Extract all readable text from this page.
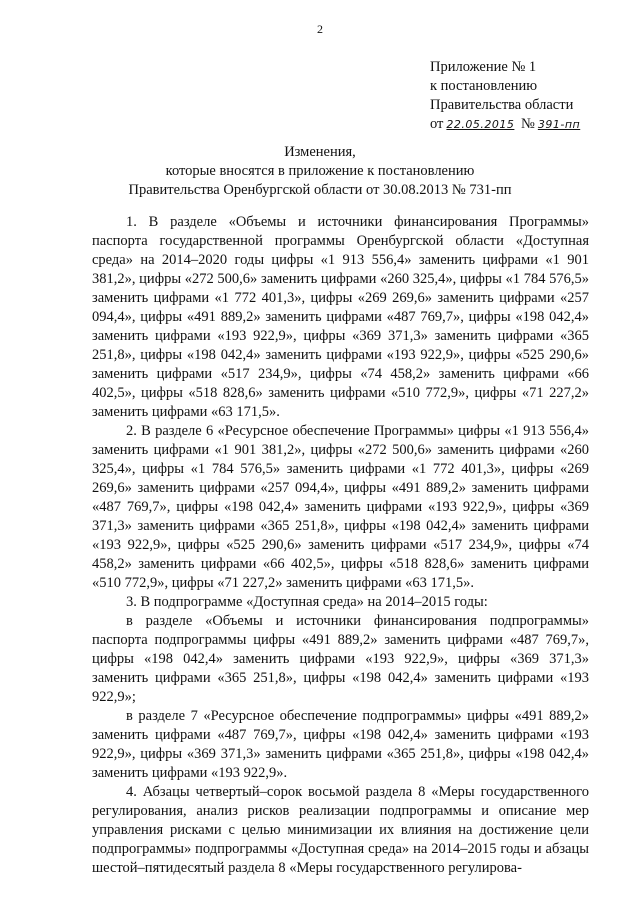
2
Приложение № 1
к постановлению
Правительства области
от 22.05.2015 № 391-пп
Изменения,
которые вносятся в приложение к постановлению
Правительства Оренбургской области от 30.08.2013 № 731-пп

1. В разделе «Объемы и источники финансирования Программы» паспорта государственной программы Оренбургской области «Доступная среда» на 2014–2020 годы цифры «1 913 556,4» заменить цифрами «1 901 381,2», цифры «272 500,6» заменить цифрами «260 325,4», цифры «1 784 576,5» заменить цифрами «1 772 401,3», цифры «269 269,6» заменить цифрами «257 094,4», цифры «491 889,2» заменить цифрами «487 769,7», цифры «198 042,4» заменить цифрами «193 922,9», цифры «369 371,3» заменить цифрами «365 251,8», цифры «198 042,4» заменить цифрами «193 922,9», цифры «525 290,6» заменить цифрами «517 234,9», цифры «74 458,2» заменить цифрами «66 402,5», цифры «518 828,6» заменить цифрами «510 772,9», цифры «71 227,2» заменить цифрами «63 171,5».

2. В разделе 6 «Ресурсное обеспечение Программы» цифры «1 913 556,4» заменить цифрами «1 901 381,2», цифры «272 500,6» заменить цифрами «260 325,4», цифры «1 784 576,5» заменить цифрами «1 772 401,3», цифры «269 269,6» заменить цифрами «257 094,4», цифры «491 889,2» заменить цифрами «487 769,7», цифры «198 042,4» заменить цифрами «193 922,9», цифры «369 371,3» заменить цифрами «365 251,8», цифры «198 042,4» заменить цифрами «193 922,9», цифры «525 290,6» заменить цифрами «517 234,9», цифры «74 458,2» заменить цифрами «66 402,5», цифры «518 828,6» заменить цифрами «510 772,9», цифры «71 227,2» заменить цифрами «63 171,5».

3. В подпрограмме «Доступная среда» на 2014–2015 годы:

в разделе «Объемы и источники финансирования подпрограммы» паспорта подпрограммы цифры «491 889,2» заменить цифрами «487 769,7», цифры «198 042,4» заменить цифрами «193 922,9», цифры «369 371,3» заменить цифрами «365 251,8», цифры «198 042,4» заменить цифрами «193 922,9»;

в разделе 7 «Ресурсное обеспечение подпрограммы» цифры «491 889,2» заменить цифрами «487 769,7», цифры «198 042,4» заменить цифрами «193 922,9», цифры «369 371,3» заменить цифрами «365 251,8», цифры «198 042,4» заменить цифрами «193 922,9».

4. Абзацы четвертый–сорок восьмой раздела 8 «Меры государственного регулирования, анализ рисков реализации подпрограммы и описание мер управления рисками с целью минимизации их влияния на достижение цели подпрограммы» подпрограммы «Доступная среда» на 2014–2015 годы и абзацы шестой–пятидесятый раздела 8 «Меры государственного регулирова-
